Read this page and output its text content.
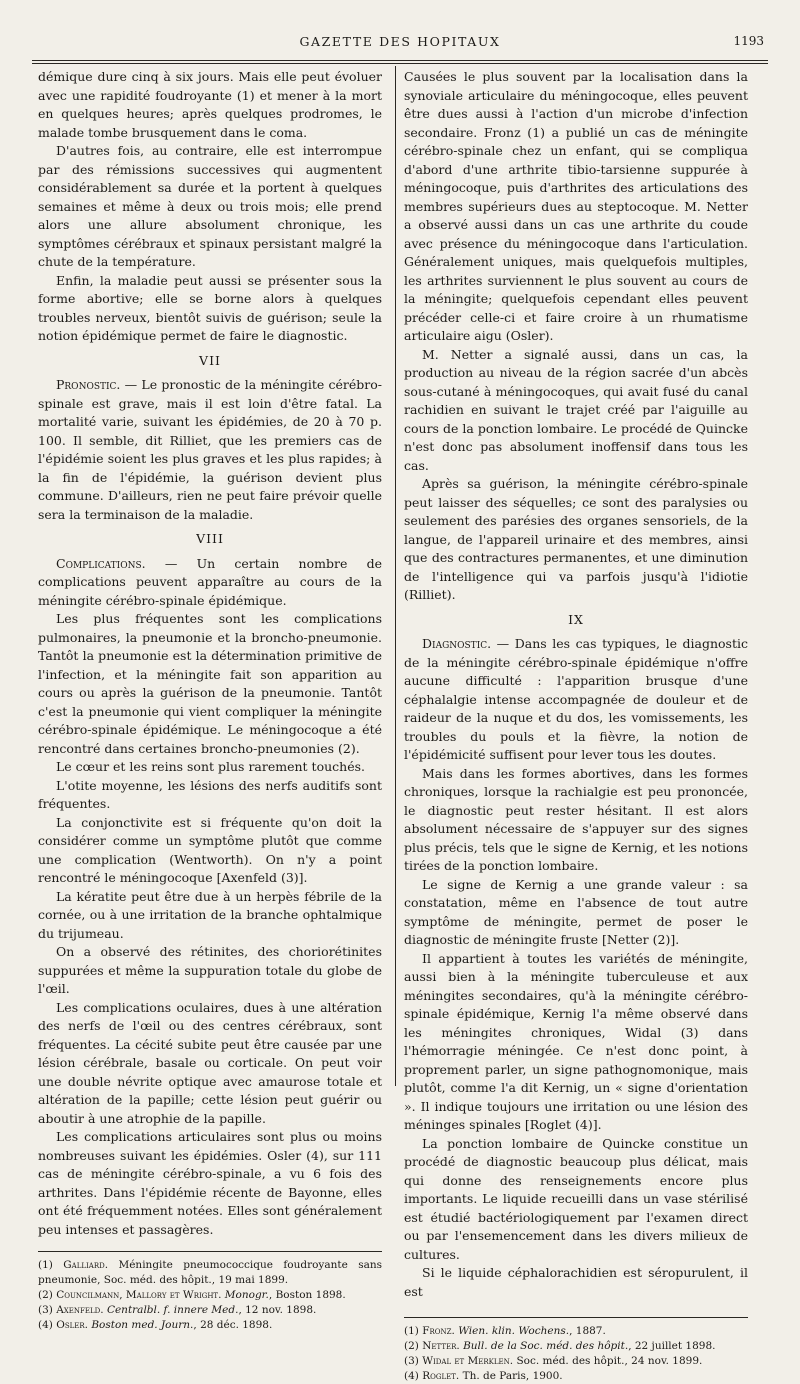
GAZETTE DES HOPITAUX	1193

démique dure cinq à six jours. Mais elle peut évoluer avec une rapidité foudroyante (1) et mener à la mort en quelques heures; après quelques prodromes, le malade tombe brusquement dans le coma.

D'autres fois, au contraire, elle est interrompue par des rémissions successives qui augmentent considérablement sa durée et la portent à quelques semaines et même à deux ou trois mois; elle prend alors une allure absolument chronique, les symptômes cérébraux et spinaux persistant malgré la chute de la température.

Enfin, la maladie peut aussi se présenter sous la forme abortive; elle se borne alors à quelques troubles nerveux, bientôt suivis de guérison; seule la notion épidémique permet de faire le diagnostic.

VII

Pronostic. — Le pronostic de la méningite cérébro-spinale est grave, mais il est loin d'être fatal. La mortalité varie, suivant les épidémies, de 20 à 70 p. 100. Il semble, dit Rilliet, que les premiers cas de l'épidémie soient les plus graves et les plus rapides; à la fin de l'épidémie, la guérison devient plus commune. D'ailleurs, rien ne peut faire prévoir quelle sera la terminaison de la maladie.

VIII

Complications. — Un certain nombre de complications peuvent apparaître au cours de la méningite cérébro-spinale épidémique.

Les plus fréquentes sont les complications pulmonaires, la pneumonie et la broncho-pneumonie. Tantôt la pneumonie est la détermination primitive de l'infection, et la méningite fait son apparition au cours ou après la guérison de la pneumonie. Tantôt c'est la pneumonie qui vient compliquer la méningite cérébro-spinale épidémique. Le méningocoque a été rencontré dans certaines broncho-pneumonies (2).

Le cœur et les reins sont plus rarement touchés.

L'otite moyenne, les lésions des nerfs auditifs sont fréquentes.

La conjonctivite est si fréquente qu'on doit la considérer comme un symptôme plutôt que comme une complication (Wentworth). On n'y a point rencontré le méningocoque [Axenfeld (3)].

La kératite peut être due à un herpès fébrile de la cornée, ou à une irritation de la branche ophtalmique du trijumeau.

On a observé des rétinites, des choriorétinites suppurées et même la suppuration totale du globe de l'œil.

Les complications oculaires, dues à une altération des nerfs de l'œil ou des centres cérébraux, sont fréquentes. La cécité subite peut être causée par une lésion cérébrale, basale ou corticale. On peut voir une double névrite optique avec amaurose totale et altération de la papille; cette lésion peut guérir ou aboutir à une atrophie de la papille.

Les complications articulaires sont plus ou moins nombreuses suivant les épidémies. Osler (4), sur 111 cas de méningite cérébro-spinale, a vu 6 fois des arthrites. Dans l'épidémie récente de Bayonne, elles ont été fréquemment notées. Elles sont généralement peu intenses et passagères.

(1) Galliard. Méningite pneumococcique foudroyante sans pneumonie, Soc. méd. des hôpit., 19 mai 1899.

(2) Councilmann, Mallory et Wright. Monogr., Boston 1898.

(3) Axenfeld. Centralbl. f. innere Med., 12 nov. 1898.

(4) Osler. Boston med. Journ., 28 déc. 1898.

Causées le plus souvent par la localisation dans la synoviale articulaire du méningocoque, elles peuvent être dues aussi à l'action d'un microbe d'infection secondaire. Fronz (1) a publié un cas de méningite cérébro-spinale chez un enfant, qui se compliqua d'abord d'une arthrite tibio-tarsienne suppurée à méningocoque, puis d'arthrites des articulations des membres supérieurs dues au steptocoque. M. Netter a observé aussi dans un cas une arthrite du coude avec présence du méningocoque dans l'articulation. Généralement uniques, mais quelquefois multiples, les arthrites surviennent le plus souvent au cours de la méningite; quelquefois cependant elles peuvent précéder celle-ci et faire croire à un rhumatisme articulaire aigu (Osler).

M. Netter a signalé aussi, dans un cas, la production au niveau de la région sacrée d'un abcès sous-cutané à méningocoques, qui avait fusé du canal rachidien en suivant le trajet créé par l'aiguille au cours de la ponction lombaire. Le procédé de Quincke n'est donc pas absolument inoffensif dans tous les cas.

Après sa guérison, la méningite cérébro-spinale peut laisser des séquelles; ce sont des paralysies ou seulement des parésies des organes sensoriels, de la langue, de l'appareil urinaire et des membres, ainsi que des contractures permanentes, et une diminution de l'intelligence qui va parfois jusqu'à l'idiotie (Rilliet).

IX

Diagnostic. — Dans les cas typiques, le diagnostic de la méningite cérébro-spinale épidémique n'offre aucune difficulté : l'apparition brusque d'une céphalalgie intense accompagnée de douleur et de raideur de la nuque et du dos, les vomissements, les troubles du pouls et la fièvre, la notion de l'épidémicité suffisent pour lever tous les doutes.

Mais dans les formes abortives, dans les formes chroniques, lorsque la rachialgie est peu prononcée, le diagnostic peut rester hésitant. Il est alors absolument nécessaire de s'appuyer sur des signes plus précis, tels que le signe de Kernig, et les notions tirées de la ponction lombaire.

Le signe de Kernig a une grande valeur : sa constatation, même en l'absence de tout autre symptôme de méningite, permet de poser le diagnostic de méningite fruste [Netter (2)].

Il appartient à toutes les variétés de méningite, aussi bien à la méningite tuberculeuse et aux méningites secondaires, qu'à la méningite cérébro-spinale épidémique, Kernig l'a même observé dans les méningites chroniques, Widal (3) dans l'hémorragie méningée. Ce n'est donc point, à proprement parler, un signe pathognomonique, mais plutôt, comme l'a dit Kernig, un « signe d'orientation ». Il indique toujours une irritation ou une lésion des méninges spinales [Roglet (4)].

La ponction lombaire de Quincke constitue un procédé de diagnostic beaucoup plus délicat, mais qui donne des renseignements encore plus importants. Le liquide recueilli dans un vase stérilisé est étudié bactériologiquement par l'examen direct ou par l'ensemencement dans les divers milieux de cultures.

Si le liquide céphalorachidien est séropurulent, il est

(1) Fronz. Wien. klin. Wochens., 1887.

(2) Netter. Bull. de la Soc. méd. des hôpit., 22 juillet 1898.

(3) Widal et Merklen. Soc. méd. des hôpit., 24 nov. 1899.

(4) Roglet. Th. de Paris, 1900.
